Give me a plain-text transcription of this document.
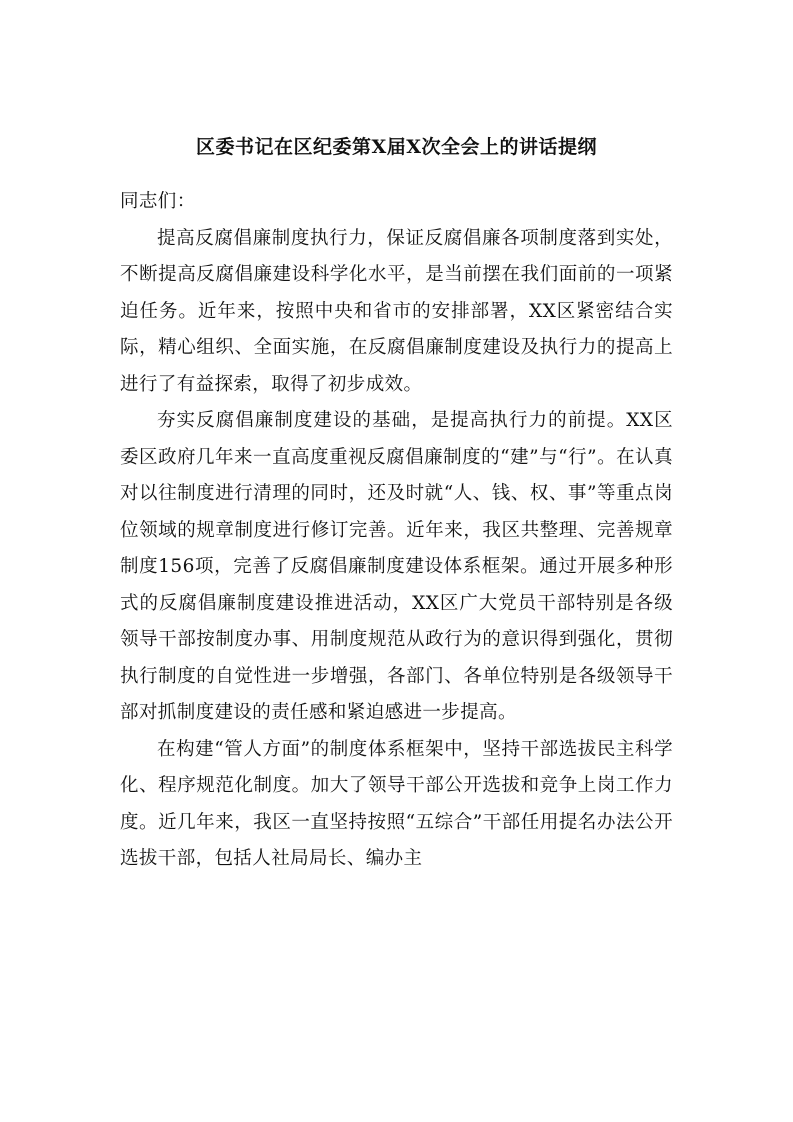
区委书记在区纪委第X届X次全会上的讲话提纲

同志们：

提高反腐倡廉制度执行力，保证反腐倡廉各项制度落到实处，不断提高反腐倡廉建设科学化水平，是当前摆在我们面前的一项紧迫任务。近年来，按照中央和省市的安排部署，XX区紧密结合实际，精心组织、全面实施，在反腐倡廉制度建设及执行力的提高上进行了有益探索，取得了初步成效。

夯实反腐倡廉制度建设的基础，是提高执行力的前提。XX区委区政府几年来一直高度重视反腐倡廉制度的“建”与“行”。在认真对以往制度进行清理的同时，还及时就“人、钱、权、事”等重点岗位领域的规章制度进行修订完善。近年来，我区共整理、完善规章制度156项，完善了反腐倡廉制度建设体系框架。通过开展多种形式的反腐倡廉制度建设推进活动，XX区广大党员干部特别是各级领导干部按制度办事、用制度规范从政行为的意识得到强化，贯彻执行制度的自觉性进一步增强，各部门、各单位特别是各级领导干部对抓制度建设的责任感和紧迫感进一步提高。

在构建“管人方面”的制度体系框架中，坚持干部选拔民主科学化、程序规范化制度。加大了领导干部公开选拔和竞争上岗工作力度。近几年来，我区一直坚持按照“五综合”干部任用提名办法公开选拔干部，包括人社局局长、编办主
